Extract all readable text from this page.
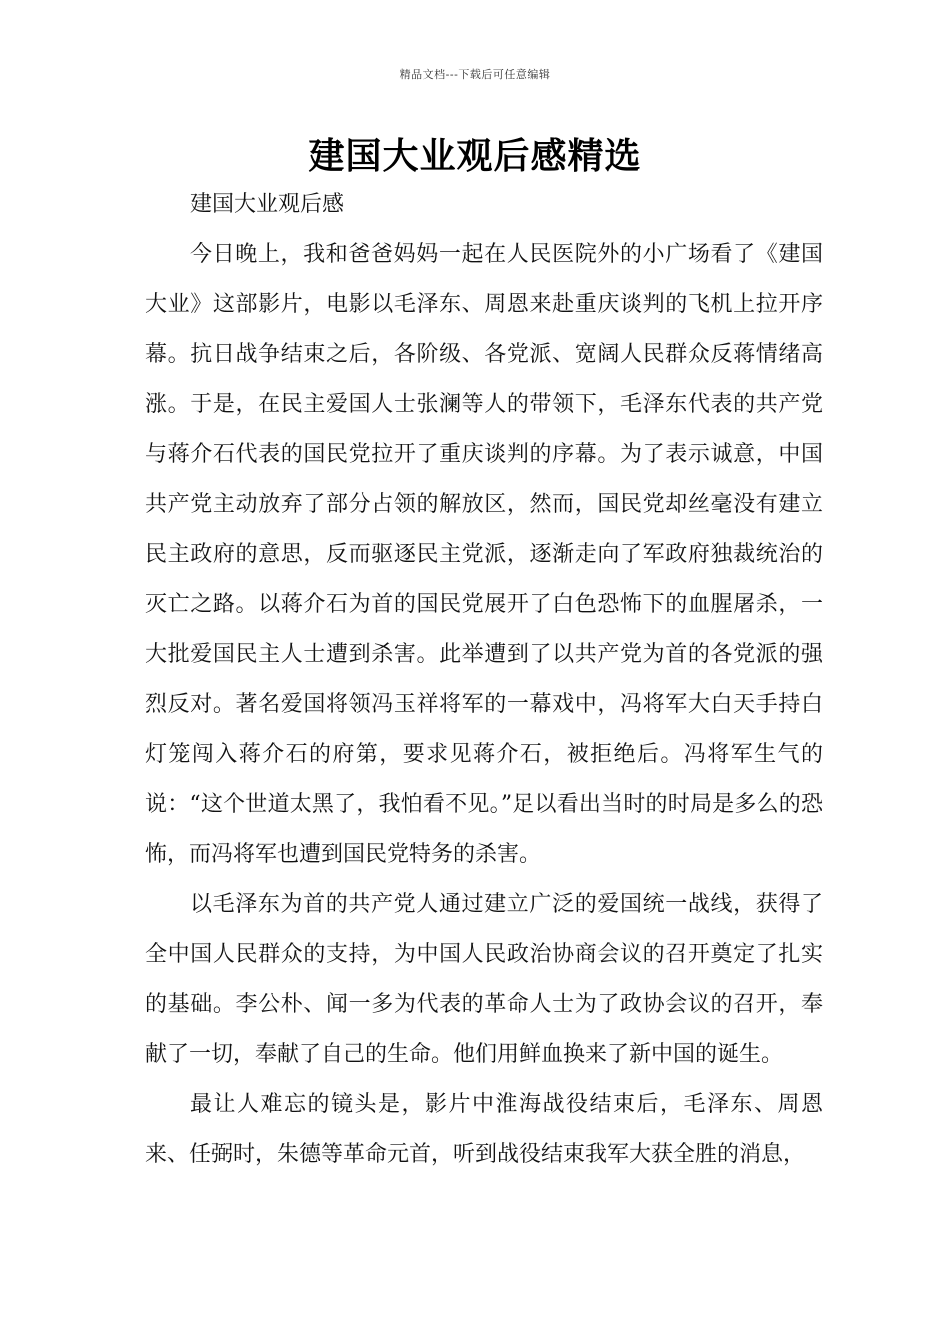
精品文档---下载后可任意编辑
建国大业观后感精选

建国大业观后感

今日晚上，我和爸爸妈妈一起在人民医院外的小广场看了《建国大业》这部影片，电影以毛泽东、周恩来赴重庆谈判的飞机上拉开序幕。抗日战争结束之后，各阶级、各党派、宽阔人民群众反蒋情绪高涨。于是，在民主爱国人士张澜等人的带领下，毛泽东代表的共产党与蒋介石代表的国民党拉开了重庆谈判的序幕。为了表示诚意，中国共产党主动放弃了部分占领的解放区，然而，国民党却丝毫没有建立民主政府的意思，反而驱逐民主党派，逐渐走向了军政府独裁统治的灭亡之路。以蒋介石为首的国民党展开了白色恐怖下的血腥屠杀，一大批爱国民主人士遭到杀害。此举遭到了以共产党为首的各党派的强烈反对。著名爱国将领冯玉祥将军的一幕戏中，冯将军大白天手持白灯笼闯入蒋介石的府第，要求见蒋介石，被拒绝后。冯将军生气的说：“这个世道太黑了，我怕看不见。”足以看出当时的时局是多么的恐怖，而冯将军也遭到国民党特务的杀害。

以毛泽东为首的共产党人通过建立广泛的爱国统一战线，获得了全中国人民群众的支持，为中国人民政治协商会议的召开奠定了扎实的基础。李公朴、闻一多为代表的革命人士为了政协会议的召开，奉献了一切，奉献了自己的生命。他们用鲜血换来了新中国的诞生。

最让人难忘的镜头是，影片中淮海战役结束后，毛泽东、周恩来、任弼时，朱德等革命元首，听到战役结束我军大获全胜的消息，
